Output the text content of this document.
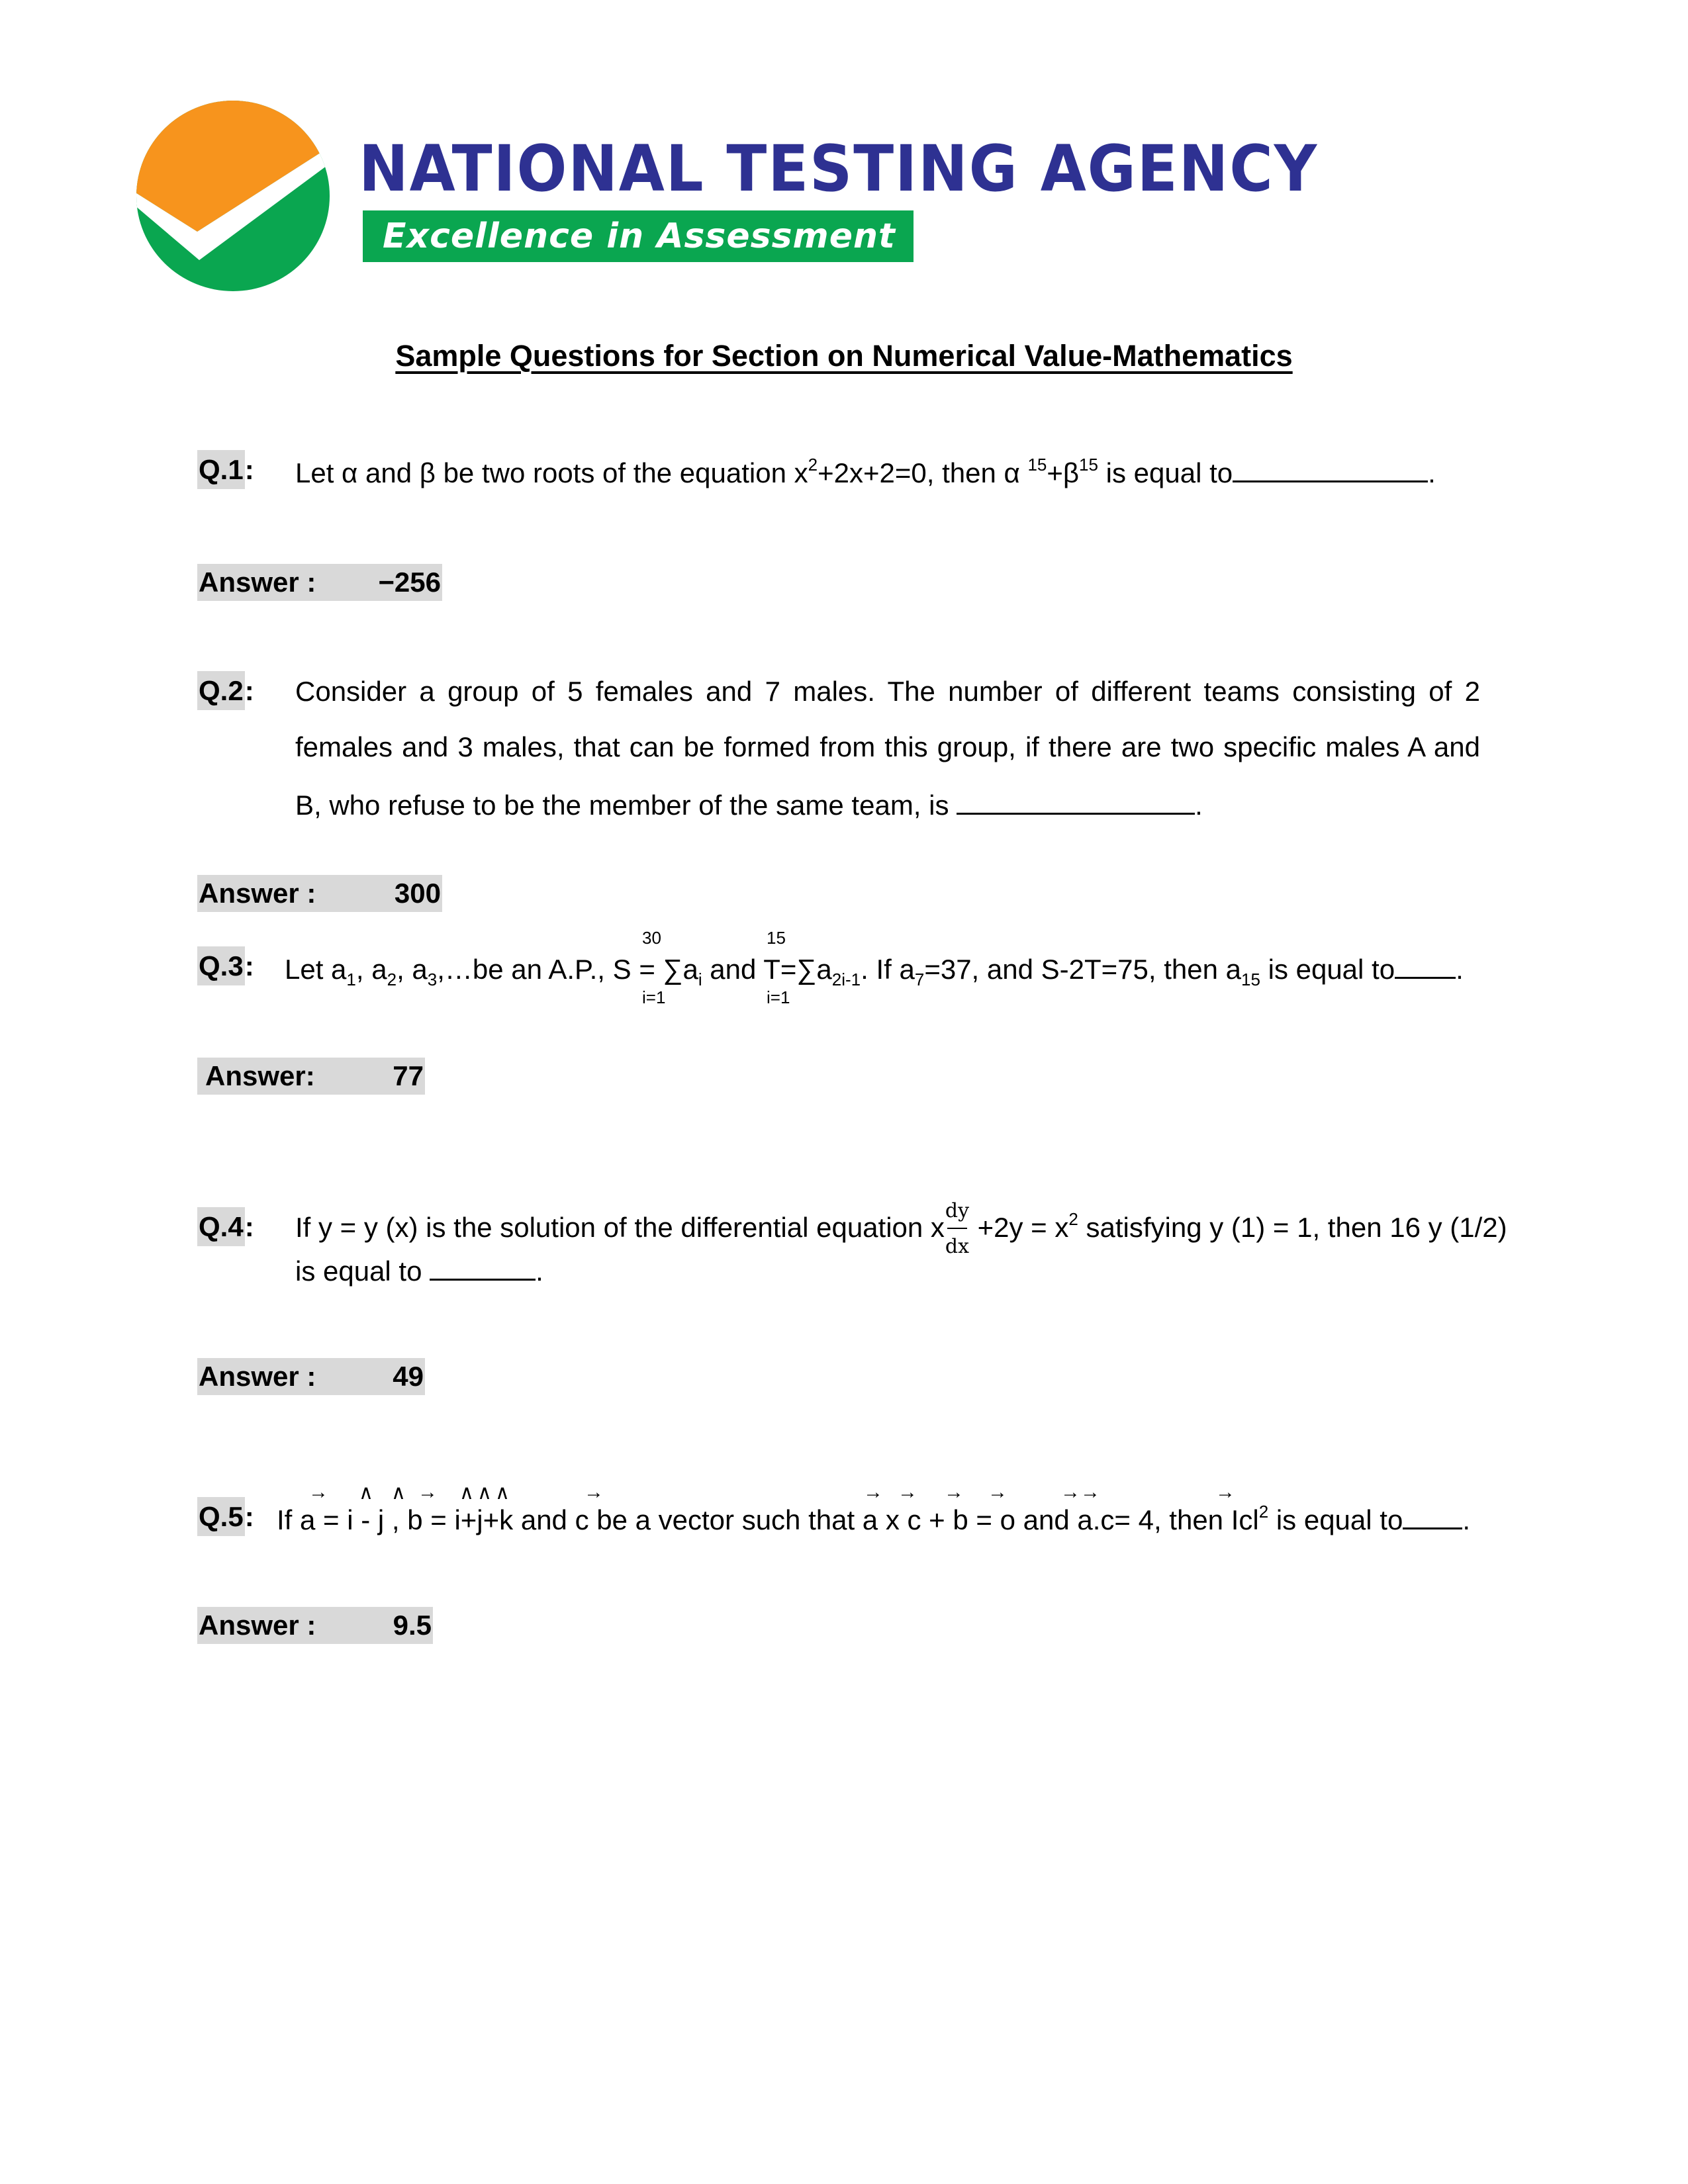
NATIONAL TESTING AGENCY
Excellence in Assessment
Sample Questions for Section on Numerical Value-Mathematics
Q.1: Let α and β be two roots of the equation $x^2+2x+2=0$, then α $^{15}+\beta^{15}$ is equal to	.
Answer : −256
Q.2: Consider a group of 5 females and 7 males. The number of different teams consisting of 2
females and 3 males, that can be formed from this group, if there are two specific males A and
B, who refuse to be the member of the same team, is	.
Answer :	300
30
i=1
15
i=1
Q.3: Let $a_1$, $a_2$, $a_3,\dots be$ an A.P., $S = \sum a_i$ and $T=\sum a_{2i-1}$. If $a_7=37$, and S-2T=75, then $a_{15}$ is equal to .
Answer:	77
Q.4: If y = y (x) is the solution of the differential equation x $\frac{dy}{dx} +2y = x^2$ satisfying y (1) = 1, then 16 y (1/2)
is equal to	.
Answer :	49
→ ∧ ∧ → ∧ ∧ ∧	→	→ → → →	→ →	→
Q.5: If a = i - j , b = i+j+k and c be a vector such that a x c + b = o and a.c= 4, then Icl$^2$ is equal to .
Answer :	9.5
